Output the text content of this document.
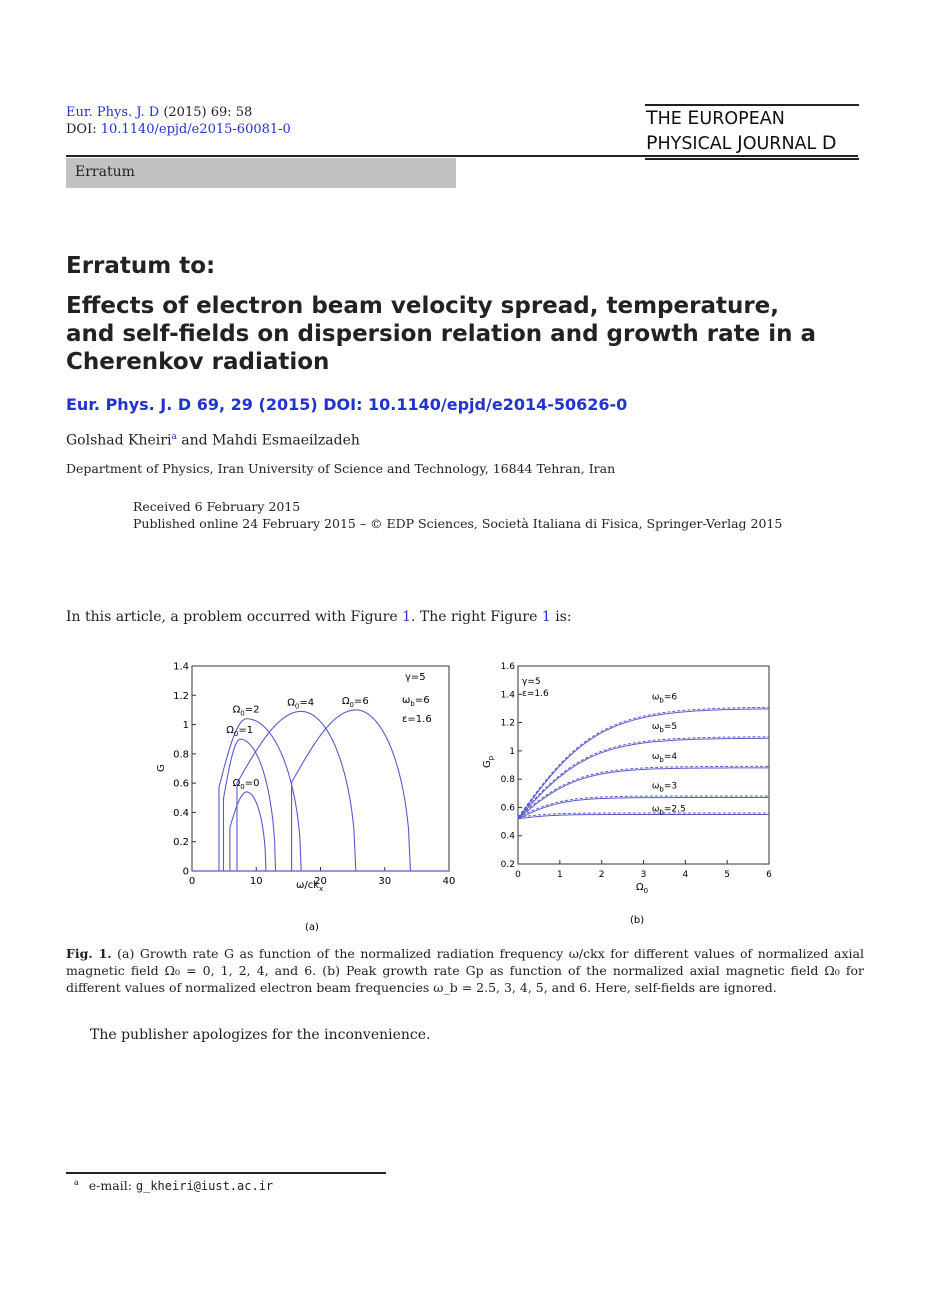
Eur. Phys. J. D (2015) 69: 58
DOI: 10.1140/epjd/e2015-60081-0
THE EUROPEAN
PHYSICAL JOURNAL D
Erratum
Erratum to:
Effects of electron beam velocity spread, temperature, and self-fields on dispersion relation and growth rate in a Cherenkov radiation
Eur. Phys. J. D 69, 29 (2015) DOI: 10.1140/epjd/e2014-50626-0
Golshad Kheiri$^a$ and Mahdi Esmaeilzadeh
Department of Physics, Iran University of Science and Technology, 16844 Tehran, Iran
Received 6 February 2015
Published online 24 February 2015 – © EDP Sciences, Società Italiana di Fisica, Springer-Verlag 2015
In this article, a problem occurred with Figure 1. The right Figure 1 is:
0	10	20	30	40
0
0.2
0.4
0.6
0.8
1
1.2
1.4
$\Omega_0=0$
$\Omega_0=1$
$\Omega_0=2$
$\Omega_0=4$	$\Omega_0=6$
$\omega/ck_x$
G
γ=5
$\omega_b=6$
ε=1.6
(a)
0	1	2	3	4	5	6
0.2
0.4
0.6
0.8
1
1.2
1.4
1.6
$\omega_b=6$
$\omega_b=5$
$\omega_b=4$
$\omega_b=3$
$\omega_b=2.5$
$\Omega_0$
$G_p$
γ=5
ε=1.6
(b)
Fig. 1. (a) Growth rate G as function of the normalized radiation frequency ω/ckx for different values of normalized axial magnetic field Ω₀ = 0, 1, 2, 4, and 6. (b) Peak growth rate Gp as function of the normalized axial magnetic field Ω₀ for different values of normalized electron beam frequencies ω_b = 2.5, 3, 4, 5, and 6. Here, self-fields are ignored.
The publisher apologizes for the inconvenience.
$^a$ e-mail: g_kheiri@iust.ac.ir
